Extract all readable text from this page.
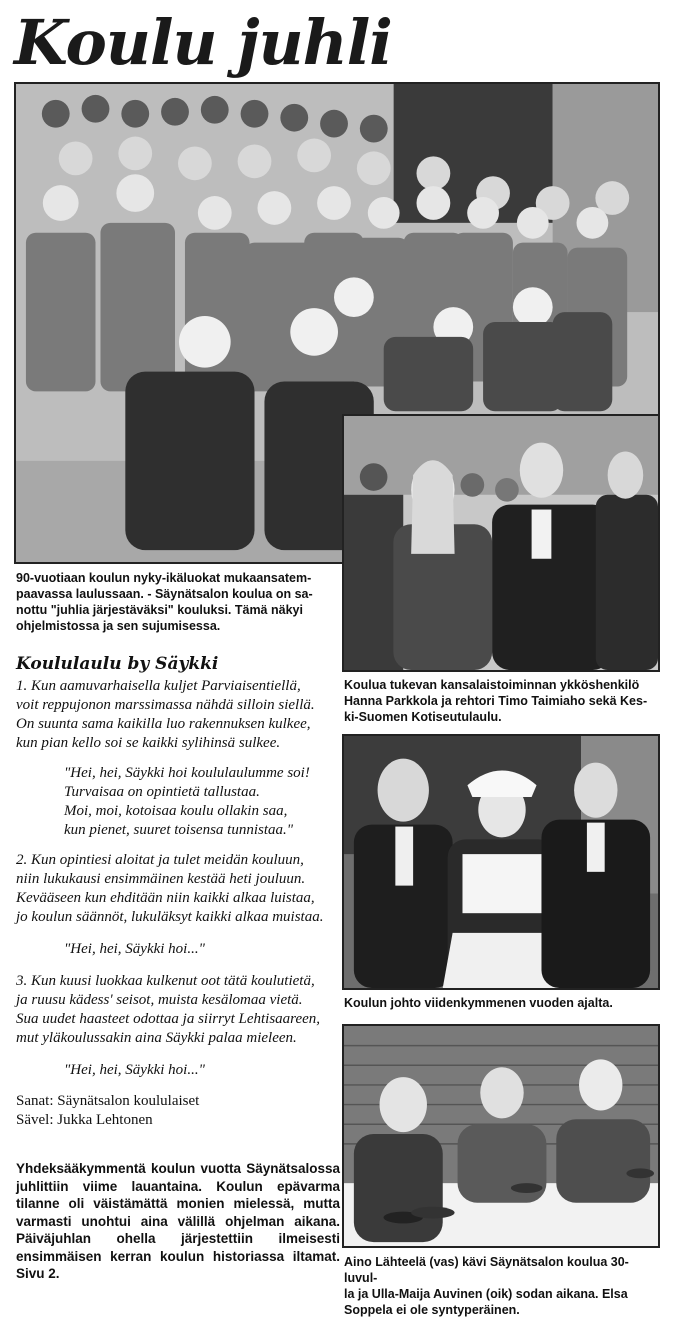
Koulu juhli
90-vuotiaan koulun nyky-ikäluokat mukaansatem-
paavassa laulussaan. - Säynätsalon koulua on sa-
nottu "juhlia järjestäväksi" kouluksi. Tämä näkyi
ohjelmistossa ja sen sujumisessa.
Koulua tukevan kansalaistoiminnan ykköshenkilö
Hanna Parkkola ja rehtori Timo Taimiaho sekä Kes-
ki-Suomen Kotiseutulaulu.
Koulun johto viidenkymmenen vuoden ajalta.
Aino Lähteelä (vas) kävi Säynätsalon koulua 30-luvul-
la ja Ulla-Maija Auvinen (oik) sodan aikana. Elsa
Soppela ei ole syntyperäinen.
Koululaulu by Säykki
1. Kun aamuvarhaisella kuljet Parviaisentiellä,
voit reppujonon marssimassa nähdä silloin siellä.
On suunta sama kaikilla luo rakennuksen kulkee,
kun pian kello soi se kaikki sylihinsä sulkee.
"Hei, hei, Säykki hoi koululaulumme soi!
Turvaisaa on opintietä tallustaa.
Moi, moi, kotoisaa koulu ollakin saa,
kun pienet, suuret toisensa tunnistaa."
2. Kun opintiesi aloitat ja tulet meidän kouluun,
niin lukukausi ensimmäinen kestää heti jouluun.
Kevääseen kun ehditään niin kaikki alkaa luistaa,
jo koulun säännöt, lukuläksyt kaikki alkaa muistaa.
"Hei, hei, Säykki hoi..."
3. Kun kuusi luokkaa kulkenut oot tätä koulutietä,
ja ruusu kädess' seisot, muista kesälomaa vietä.
Sua uudet haasteet odottaa ja siirryt Lehtisaareen,
mut yläkoulussakin aina Säykki palaa mieleen.
"Hei, hei, Säykki hoi..."
Sanat: Säynätsalon koululaiset
Sävel: Jukka Lehtonen
Yhdeksääkymmentä koulun vuotta Säynätsalossa juhlittiin viime lauantaina. Koulun epävarma tilanne oli väistämättä monien mielessä, mutta varmasti unohtui aina välillä ohjelman aikana. Päiväjuhlan ohella järjestettiin ilmeisesti ensimmäisen kerran koulun historiassa iltamat. Sivu 2.
